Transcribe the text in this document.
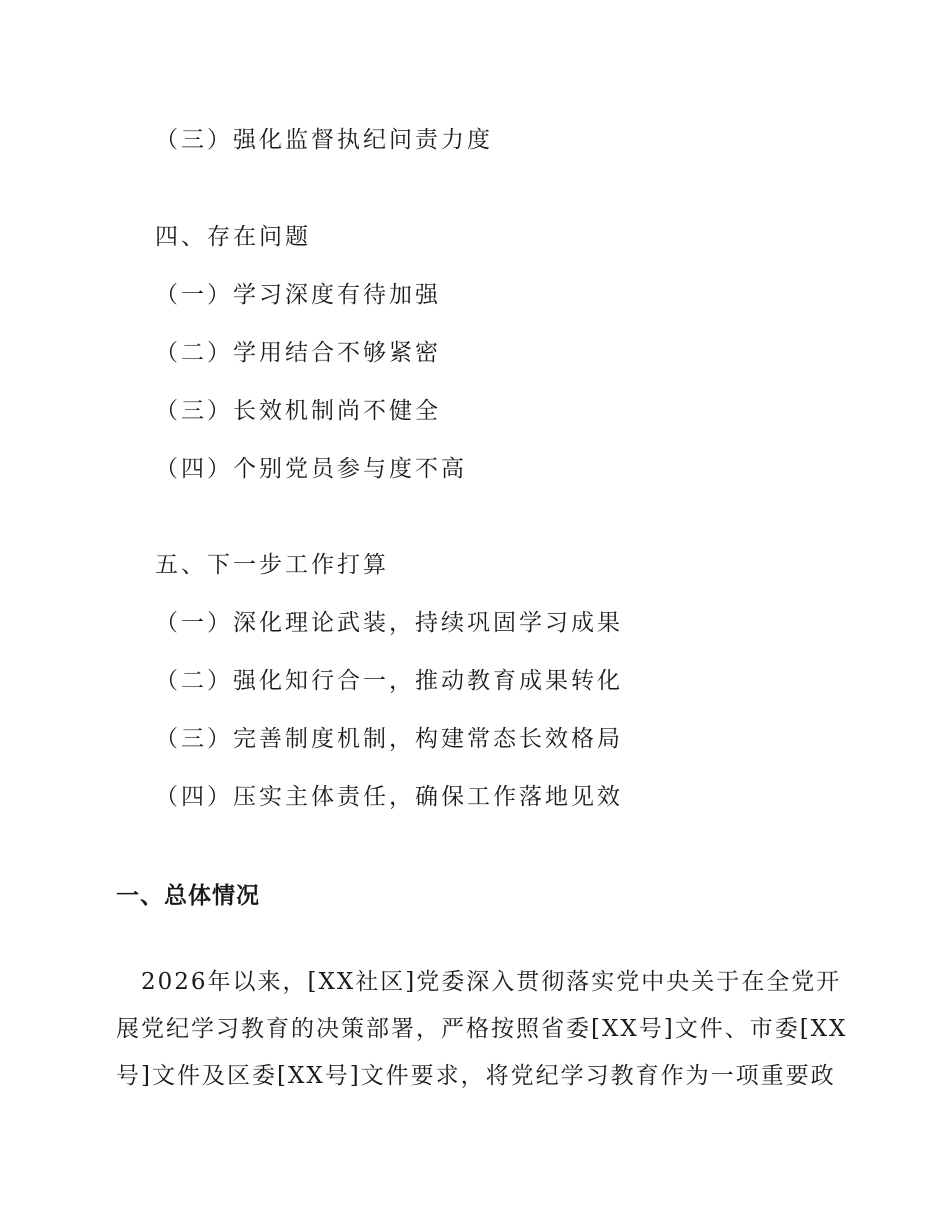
（三）强化监督执纪问责力度
四、存在问题
（一）学习深度有待加强
（二）学用结合不够紧密
（三）长效机制尚不健全
（四）个别党员参与度不高
五、下一步工作打算
（一）深化理论武装，持续巩固学习成果
（二）强化知行合一，推动教育成果转化
（三）完善制度机制，构建常态长效格局
（四）压实主体责任，确保工作落地见效
一、总体情况
　2026年以来，[XX社区]党委深入贯彻落实党中央关于在全党开
展党纪学习教育的决策部署，严格按照省委[XX号]文件、市委[XX
号]文件及区委[XX号]文件要求，将党纪学习教育作为一项重要政
